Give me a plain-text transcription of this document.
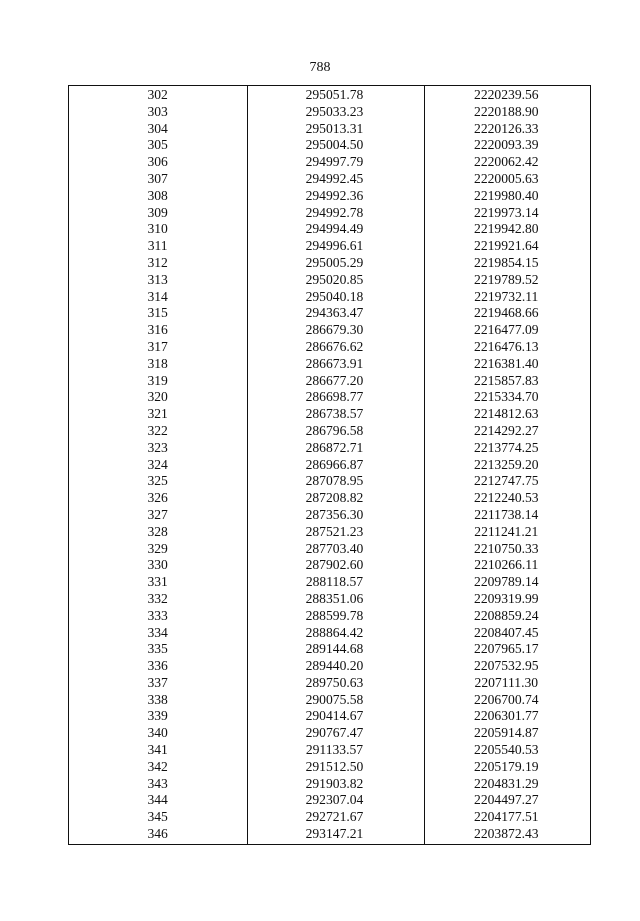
788
302	295051.78	2220239.56
303	295033.23	2220188.90
304	295013.31	2220126.33
305	295004.50	2220093.39
306	294997.79	2220062.42
307	294992.45	2220005.63
308	294992.36	2219980.40
309	294992.78	2219973.14
310	294994.49	2219942.80
311	294996.61	2219921.64
312	295005.29	2219854.15
313	295020.85	2219789.52
314	295040.18	2219732.11
315	294363.47	2219468.66
316	286679.30	2216477.09
317	286676.62	2216476.13
318	286673.91	2216381.40
319	286677.20	2215857.83
320	286698.77	2215334.70
321	286738.57	2214812.63
322	286796.58	2214292.27
323	286872.71	2213774.25
324	286966.87	2213259.20
325	287078.95	2212747.75
326	287208.82	2212240.53
327	287356.30	2211738.14
328	287521.23	2211241.21
329	287703.40	2210750.33
330	287902.60	2210266.11
331	288118.57	2209789.14
332	288351.06	2209319.99
333	288599.78	2208859.24
334	288864.42	2208407.45
335	289144.68	2207965.17
336	289440.20	2207532.95
337	289750.63	2207111.30
338	290075.58	2206700.74
339	290414.67	2206301.77
340	290767.47	2205914.87
341	291133.57	2205540.53
342	291512.50	2205179.19
343	291903.82	2204831.29
344	292307.04	2204497.27
345	292721.67	2204177.51
346	293147.21	2203872.43
